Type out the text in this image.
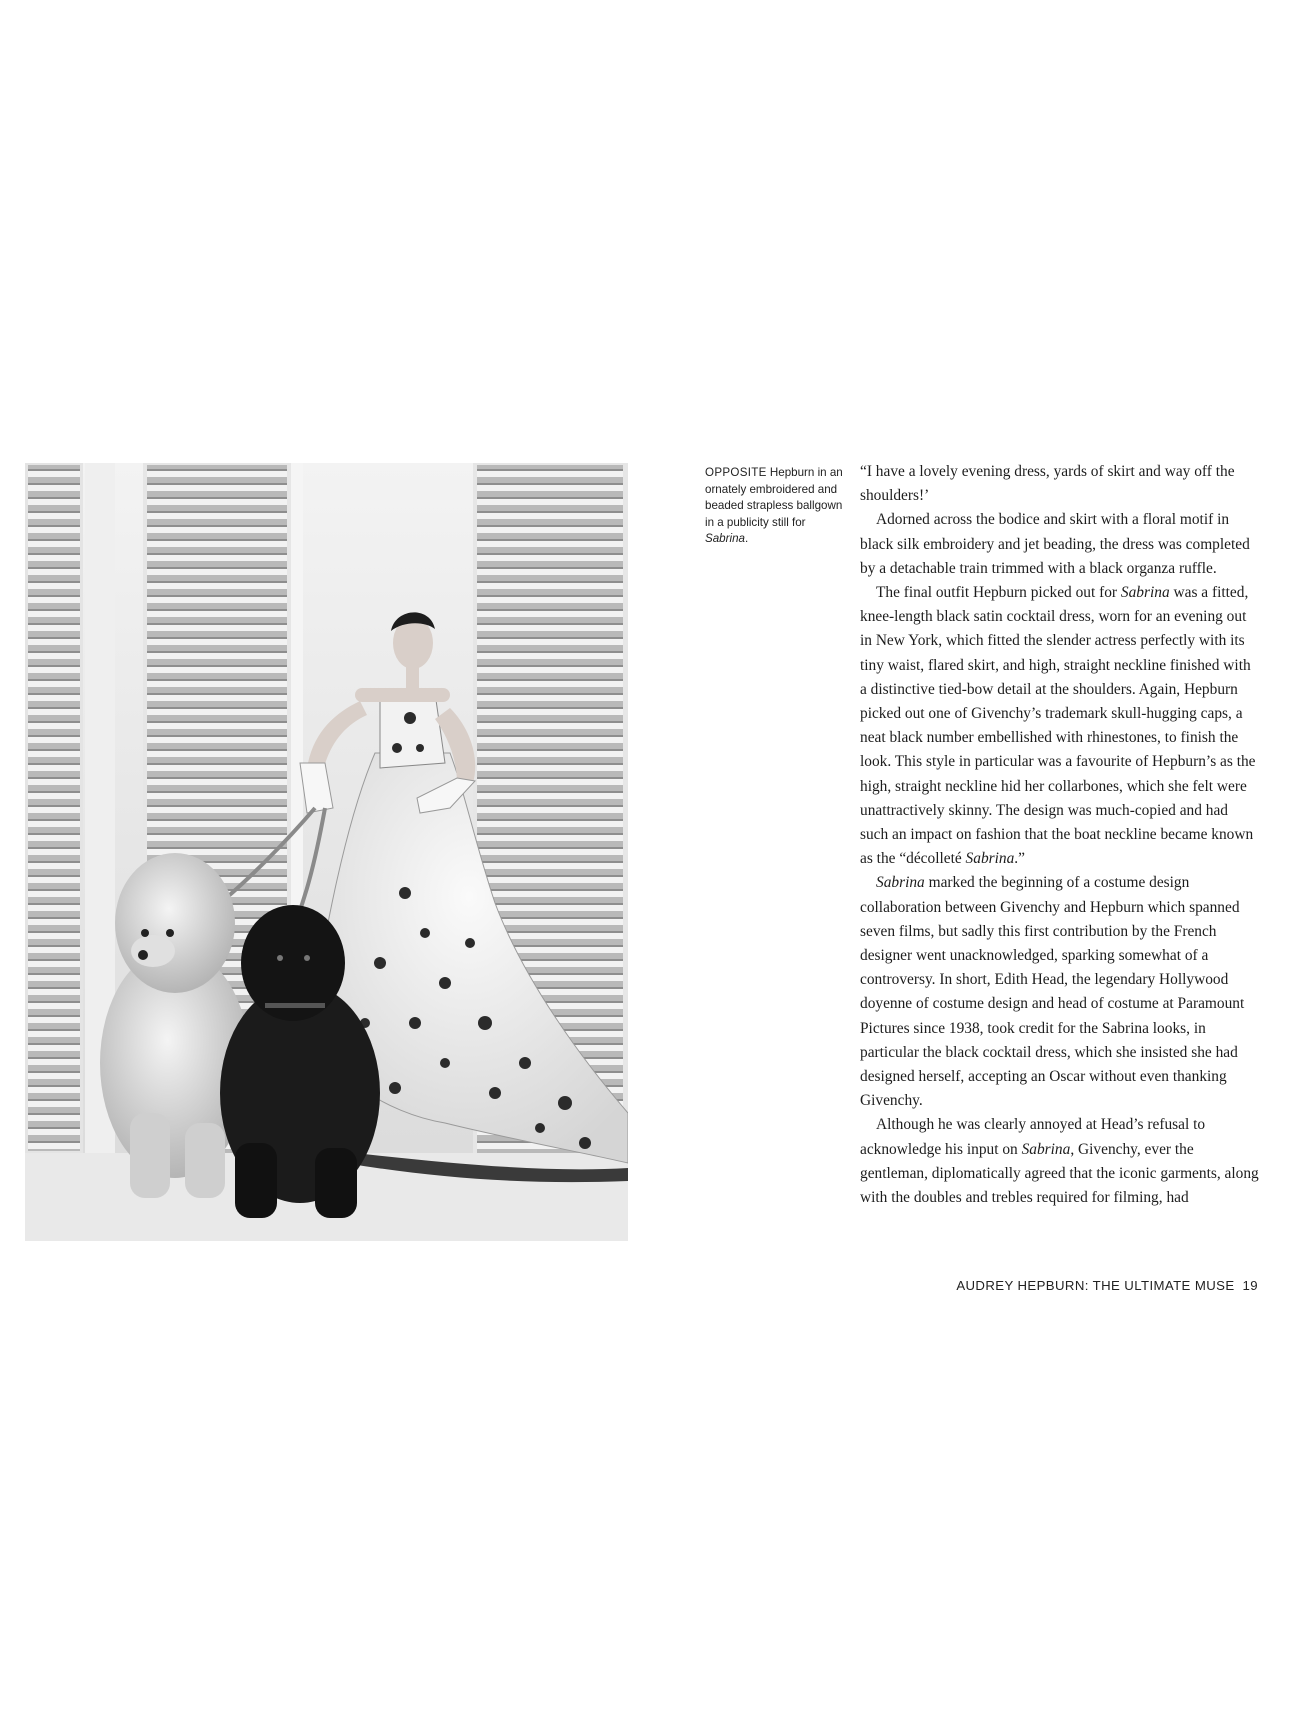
OPPOSITE Hepburn in an ornately embroidered and beaded strapless ballgown in a publicity still for Sabrina.

“I have a lovely evening dress, yards of skirt and way off the shoulders!’

Adorned across the bodice and skirt with a floral motif in black silk embroidery and jet beading, the dress was completed by a detachable train trimmed with a black organza ruffle.

The final outfit Hepburn picked out for Sabrina was a fitted, knee-length black satin cocktail dress, worn for an evening out in New York, which fitted the slender actress perfectly with its tiny waist, flared skirt, and high, straight neckline finished with a distinctive tied-bow detail at the shoulders. Again, Hepburn picked out one of Givenchy’s trademark skull-hugging caps, a neat black number embellished with rhinestones, to finish the look. This style in particular was a favourite of Hepburn’s as the high, straight neckline hid her collarbones, which she felt were unattractively skinny. The design was much-copied and had such an impact on fashion that the boat neckline became known as the “décolleté Sabrina.”

Sabrina marked the beginning of a costume design collaboration between Givenchy and Hepburn which spanned seven films, but sadly this first contribution by the French designer went unacknowledged, sparking somewhat of a controversy. In short, Edith Head, the legendary Hollywood doyenne of costume design and head of costume at Paramount Pictures since 1938, took credit for the Sabrina looks, in particular the black cocktail dress, which she insisted she had designed herself, accepting an Oscar without even thanking Givenchy.

Although he was clearly annoyed at Head’s refusal to acknowledge his input on Sabrina, Givenchy, ever the gentleman, diplomatically agreed that the iconic garments, along with the doubles and trebles required for filming, had

AUDREY HEPBURN: THE ULTIMATE MUSE 19
